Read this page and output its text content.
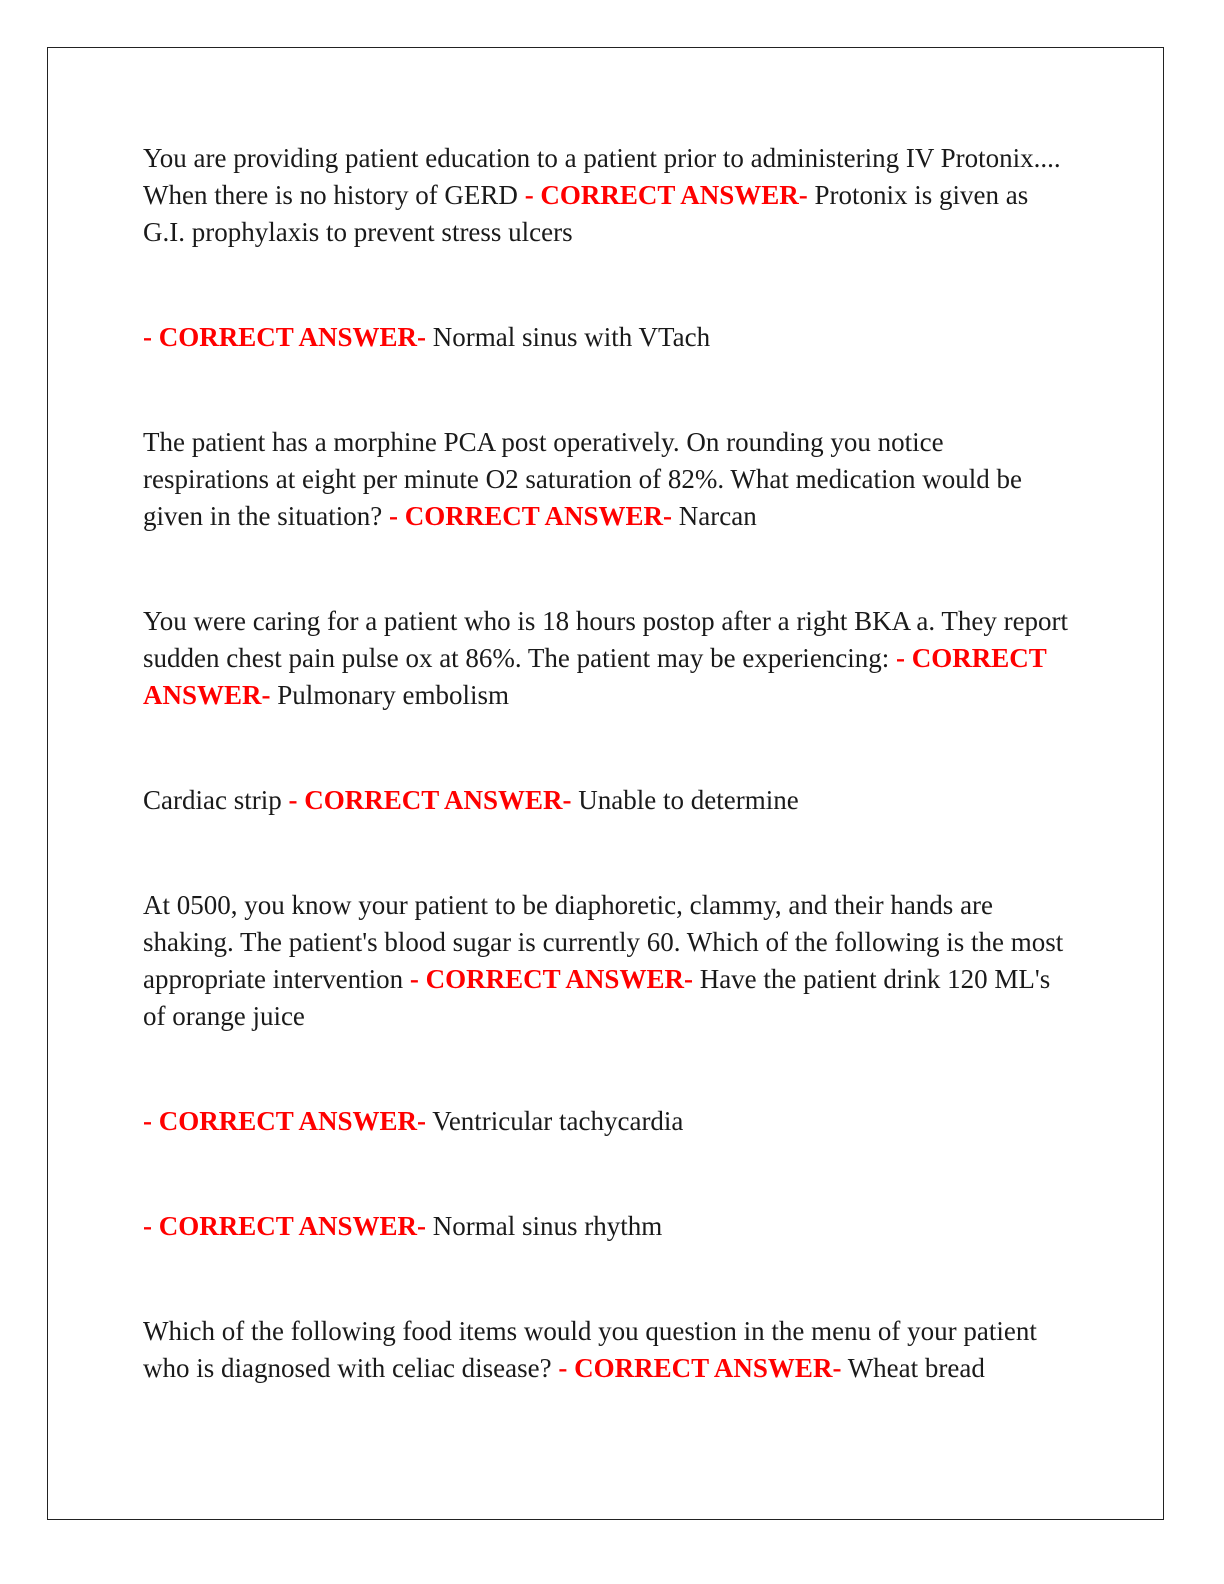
You are providing patient education to a patient prior to administering IV Protonix.... When there is no history of GERD - CORRECT ANSWER- Protonix is given as G.I. prophylaxis to prevent stress ulcers

- CORRECT ANSWER- Normal sinus with VTach

The patient has a morphine PCA post operatively. On rounding you notice respirations at eight per minute O2 saturation of 82%. What medication would be given in the situation? - CORRECT ANSWER- Narcan

You were caring for a patient who is 18 hours postop after a right BKA a. They report sudden chest pain pulse ox at 86%. The patient may be experiencing: - CORRECT ANSWER- Pulmonary embolism

Cardiac strip - CORRECT ANSWER- Unable to determine

At 0500, you know your patient to be diaphoretic, clammy, and their hands are shaking. The patient's blood sugar is currently 60. Which of the following is the most appropriate intervention - CORRECT ANSWER- Have the patient drink 120 ML's of orange juice

- CORRECT ANSWER- Ventricular tachycardia

- CORRECT ANSWER- Normal sinus rhythm

Which of the following food items would you question in the menu of your patient who is diagnosed with celiac disease? - CORRECT ANSWER- Wheat bread
